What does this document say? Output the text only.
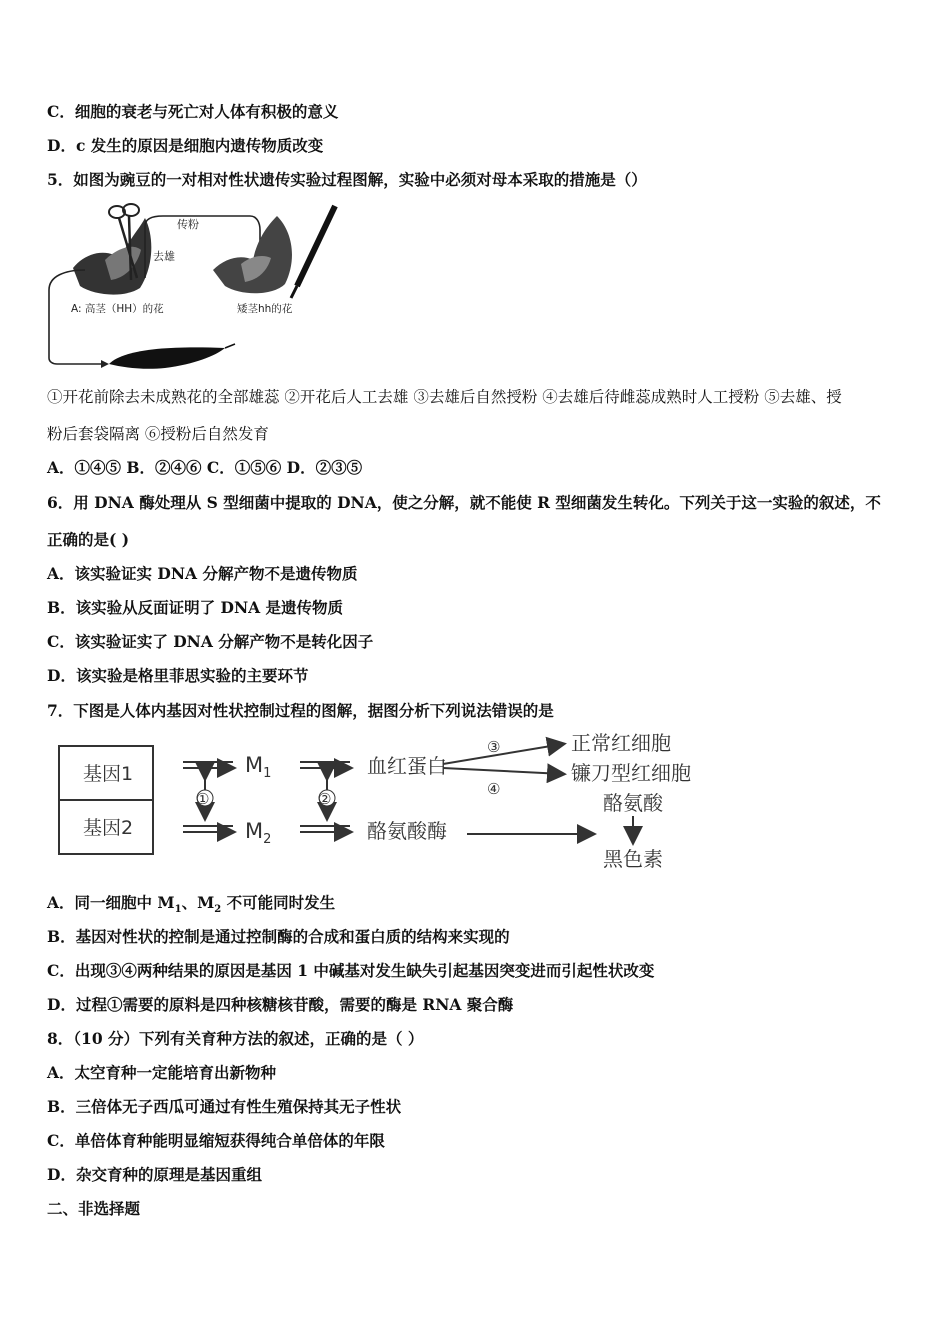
C．细胞的衰老与死亡对人体有积极的意义
D．c 发生的原因是细胞内遗传物质改变
5．如图为豌豆的一对相对性状遗传实验过程图解，实验中必须对母本采取的措施是（）
传粉
去雄
A: 高茎（HH）的花	矮茎hh的花
①开花前除去未成熟花的全部雄蕊 ②开花后人工去雄 ③去雄后自然授粉 ④去雄后待雌蕊成熟时人工授粉 ⑤去雄、授
粉后套袋隔离 ⑥授粉后自然发育
A．①④⑤ B．②④⑥ C．①⑤⑥ D．②③⑤
6．用 DNA 酶处理从 S 型细菌中提取的 DNA，使之分解，就不能使 R 型细菌发生转化。下列关于这一实验的叙述，不
正确的是( )
A．该实验证实 DNA 分解产物不是遗传物质
B．该实验从反面证明了 DNA 是遗传物质
C．该实验证实了 DNA 分解产物不是转化因子
D．该实验是格里菲思实验的主要环节
7．下图是人体内基因对性状控制过程的图解，据图分析下列说法错误的是
基因1
基因2
①
$M_1$
$M_2$
②
血红蛋白
酪氨酸酶
③
④
正常红细胞
镰刀型红细胞
酪氨酸
黑色素
A．同一细胞中 $M_1$、$M_2$ 不可能同时发生
B．基因对性状的控制是通过控制酶的合成和蛋白质的结构来实现的
C．出现③④两种结果的原因是基因 1 中碱基对发生缺失引起基因突变进而引起性状改变
D．过程①需要的原料是四种核糖核苷酸，需要的酶是 RNA 聚合酶
8．（10 分）下列有关育种方法的叙述，正确的是（ ）
A．太空育种一定能培育出新物种
B．三倍体无子西瓜可通过有性生殖保持其无子性状
C．单倍体育种能明显缩短获得纯合单倍体的年限
D．杂交育种的原理是基因重组
二、非选择题
